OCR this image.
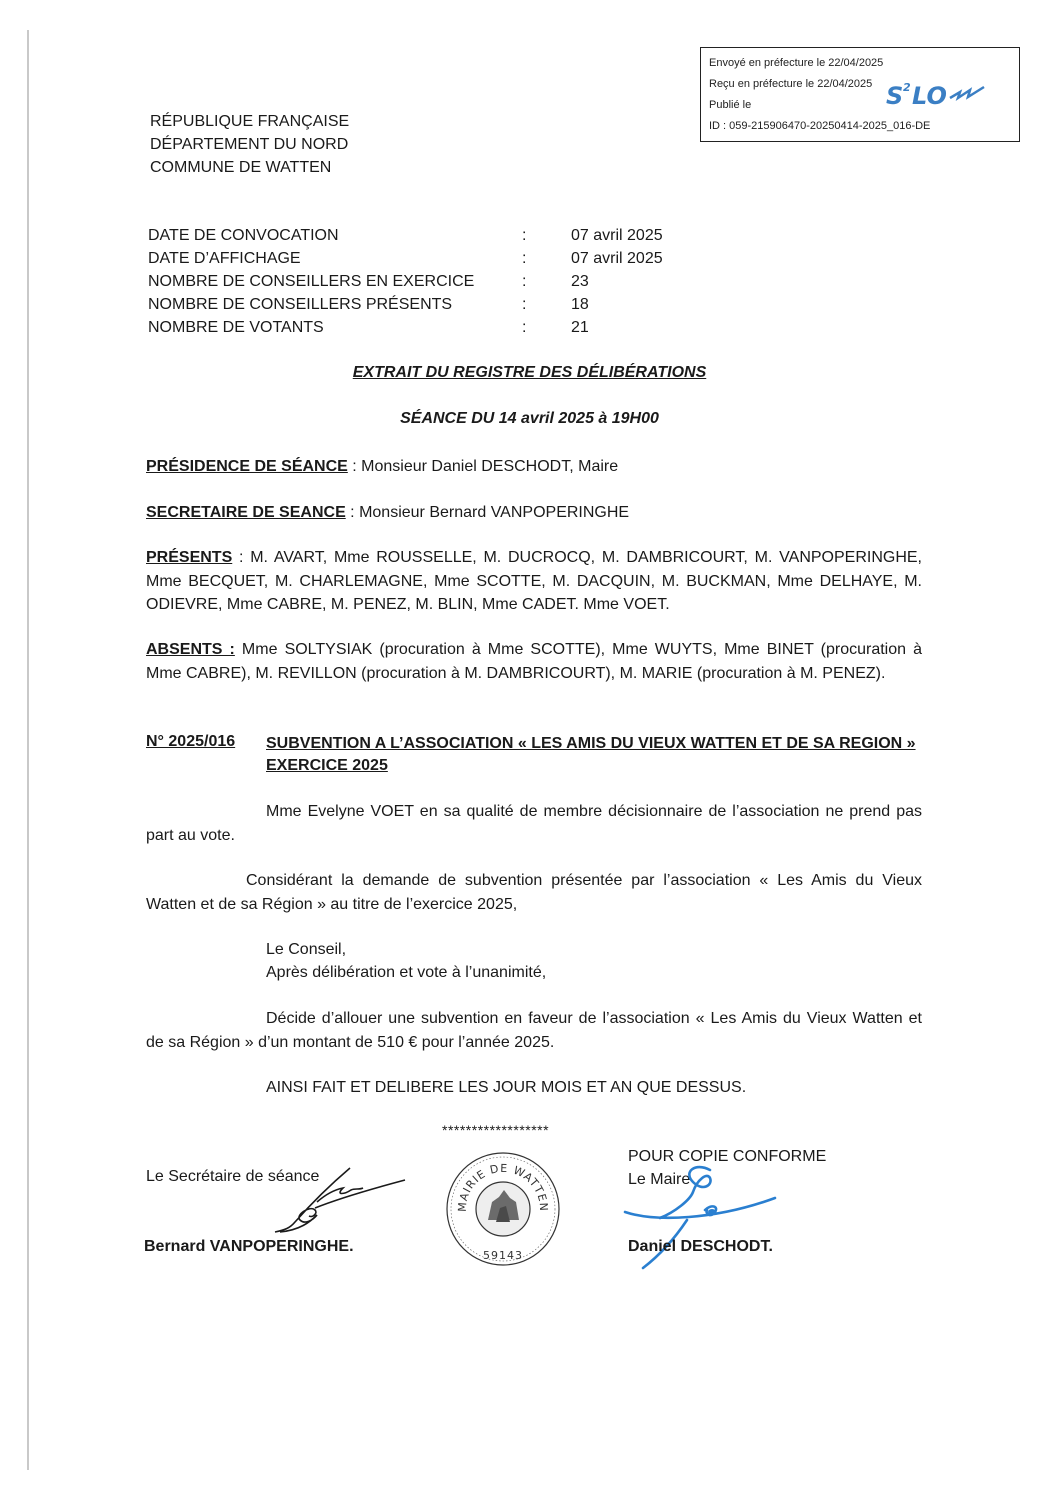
Envoyé en préfecture le 22/04/2025
Reçu en préfecture le 22/04/2025
Publié le
ID : 059-215906470-20250414-2025_016-DE
S 2 LO
RÉPUBLIQUE FRANÇAISE
DÉPARTEMENT DU NORD
COMMUNE DE WATTEN
DATE DE CONVOCATION	:	07 avril 2025
DATE D’AFFICHAGE	:	07 avril 2025
NOMBRE DE CONSEILLERS EN EXERCICE	:	23
NOMBRE DE CONSEILLERS PRÉSENTS	:	18
NOMBRE DE VOTANTS	:	21
EXTRAIT DU REGISTRE DES DÉLIBÉRATIONS
SÉANCE DU 14 avril 2025 à 19H00
PRÉSIDENCE DE SÉANCE : Monsieur Daniel DESCHODT, Maire
SECRETAIRE DE SEANCE : Monsieur Bernard VANPOPERINGHE
PRÉSENTS : M. AVART, Mme ROUSSELLE, M. DUCROCQ, M. DAMBRICOURT, M. VANPOPERINGHE, Mme BECQUET, M. CHARLEMAGNE, Mme SCOTTE, M. DACQUIN, M. BUCKMAN, Mme DELHAYE, M. ODIEVRE, Mme CABRE, M. PENEZ, M. BLIN, Mme CADET. Mme VOET.
ABSENTS : Mme SOLTYSIAK (procuration à Mme SCOTTE), Mme WUYTS, Mme BINET (procuration à Mme CABRE), M. REVILLON (procuration à M. DAMBRICOURT), M. MARIE (procuration à M. PENEZ).
N° 2025/016 SUBVENTION A L’ASSOCIATION « LES AMIS DU VIEUX WATTEN ET DE SA REGION »
EXERCICE 2025
Mme Evelyne VOET en sa qualité de membre décisionnaire de l’association ne prend pas part au vote.
Considérant la demande de subvention présentée par l’association « Les Amis du Vieux Watten et de sa Région » au titre de l’exercice 2025,
Le Conseil,
Après délibération et vote à l’unanimité,
Décide d’allouer une subvention en faveur de l’association « Les Amis du Vieux Watten et de sa Région » d’un montant de 510 € pour l’année 2025.
AINSI FAIT ET DELIBERE LES JOUR MOIS ET AN QUE DESSUS.
******************
Le Secrétaire de séance
Bernard VANPOPERINGHE.
MAIRIE DE WATTEN
59143
POUR COPIE CONFORME
Le Maire
Daniel DESCHODT.
